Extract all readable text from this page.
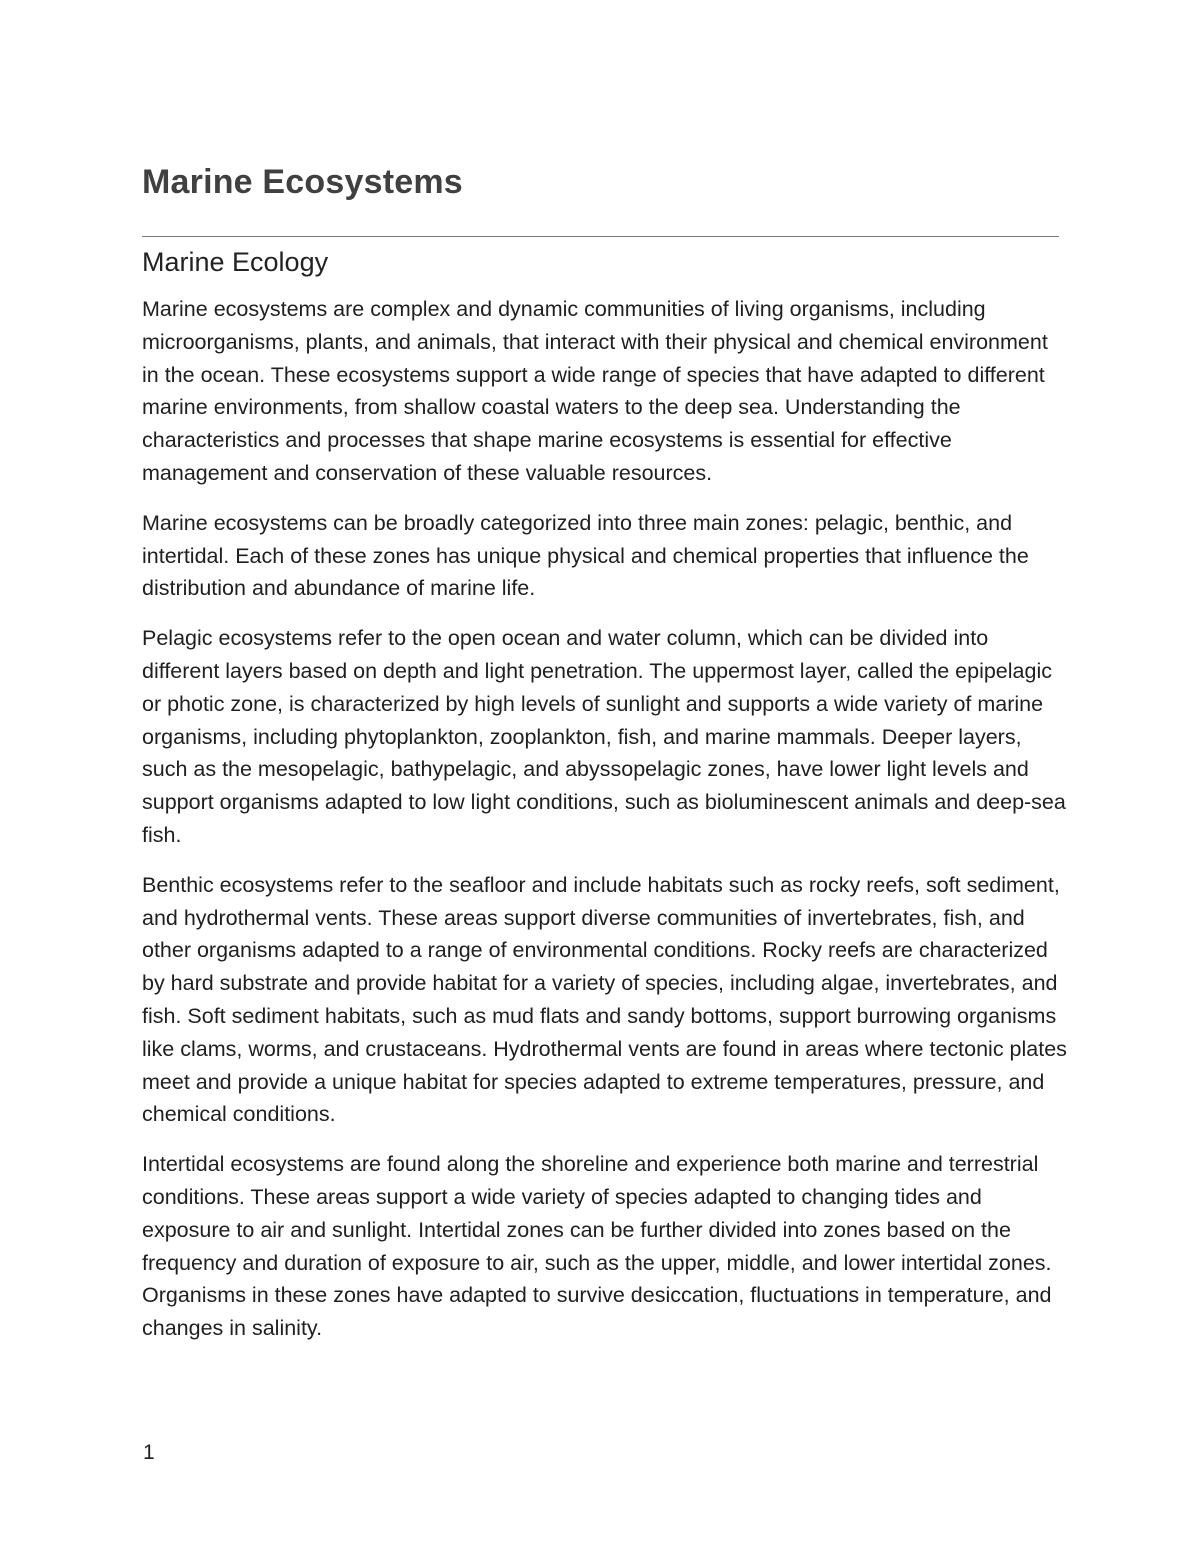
Marine Ecosystems
Marine Ecology

Marine ecosystems are complex and dynamic communities of living organisms, including microorganisms, plants, and animals, that interact with their physical and chemical environment in the ocean. These ecosystems support a wide range of species that have adapted to different marine environments, from shallow coastal waters to the deep sea. Understanding the characteristics and processes that shape marine ecosystems is essential for effective management and conservation of these valuable resources.

Marine ecosystems can be broadly categorized into three main zones: pelagic, benthic, and intertidal. Each of these zones has unique physical and chemical properties that influence the distribution and abundance of marine life.

Pelagic ecosystems refer to the open ocean and water column, which can be divided into different layers based on depth and light penetration. The uppermost layer, called the epipelagic or photic zone, is characterized by high levels of sunlight and supports a wide variety of marine organisms, including phytoplankton, zooplankton, fish, and marine mammals. Deeper layers, such as the mesopelagic, bathypelagic, and abyssopelagic zones, have lower light levels and support organisms adapted to low light conditions, such as bioluminescent animals and deep-sea fish.

Benthic ecosystems refer to the seafloor and include habitats such as rocky reefs, soft sediment, and hydrothermal vents. These areas support diverse communities of invertebrates, fish, and other organisms adapted to a range of environmental conditions. Rocky reefs are characterized by hard substrate and provide habitat for a variety of species, including algae, invertebrates, and fish. Soft sediment habitats, such as mud flats and sandy bottoms, support burrowing organisms like clams, worms, and crustaceans. Hydrothermal vents are found in areas where tectonic plates meet and provide a unique habitat for species adapted to extreme temperatures, pressure, and chemical conditions.

Intertidal ecosystems are found along the shoreline and experience both marine and terrestrial conditions. These areas support a wide variety of species adapted to changing tides and exposure to air and sunlight. Intertidal zones can be further divided into zones based on the frequency and duration of exposure to air, such as the upper, middle, and lower intertidal zones. Organisms in these zones have adapted to survive desiccation, fluctuations in temperature, and changes in salinity.

1
